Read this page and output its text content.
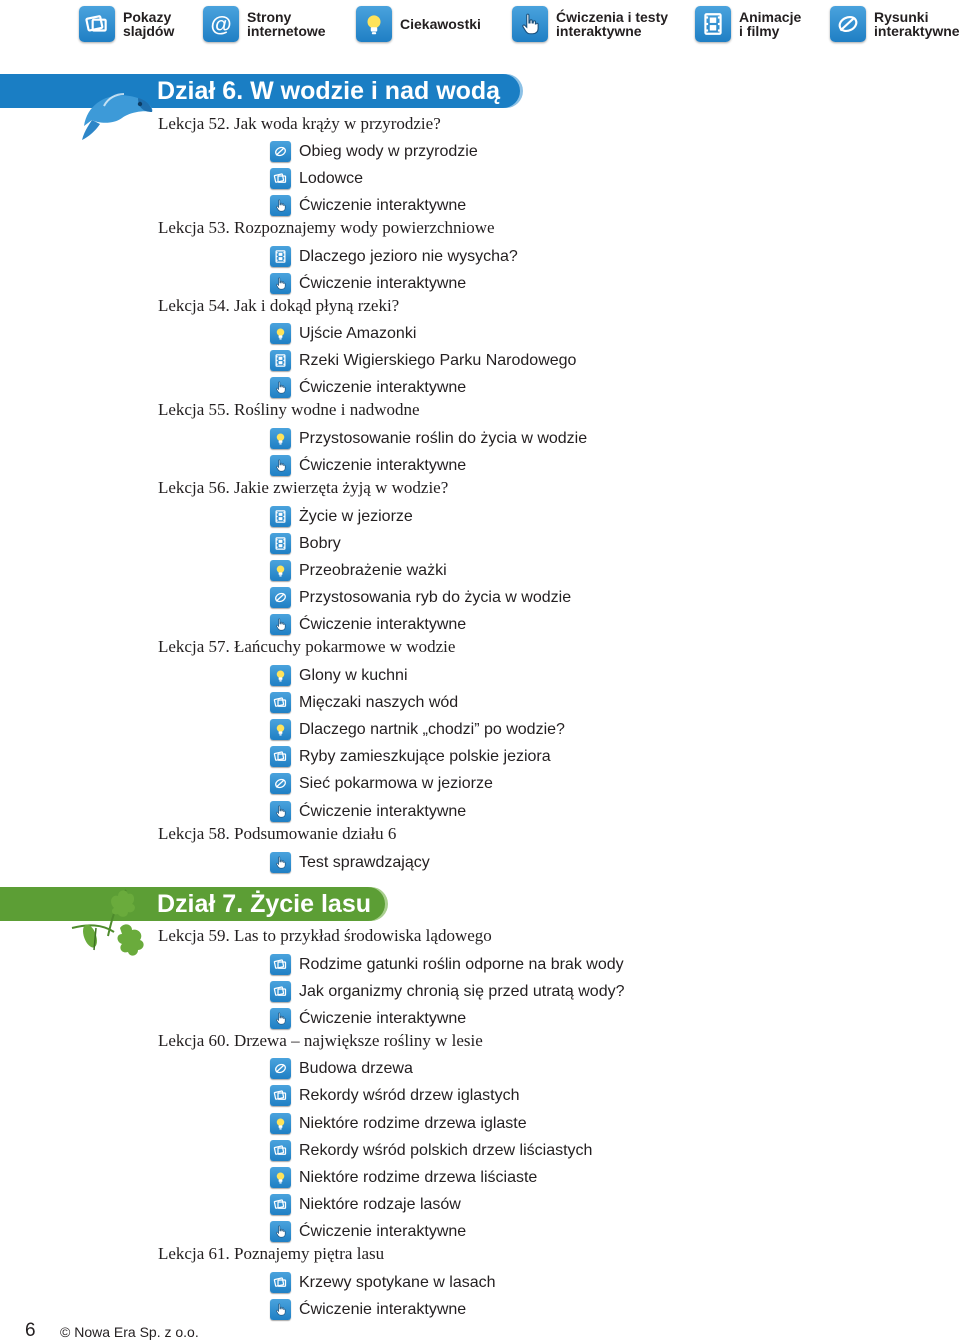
Pokazy
slajdów @ Strony
internetowe	Ciekawostki	Ćwiczenia i testy
interaktywne
Animacje
i filmy
Rysunki
interaktywne
Dział 6. W wodzie i nad wodą
Dział 7. Życie lasu
Lekcja 52. Jak woda krąży w przyrodzie?
Obieg wody w przyrodzie
Lodowce
Ćwiczenie interaktywne
Lekcja 53. Rozpoznajemy wody powierzchniowe
Dlaczego jezioro nie wysycha?
Ćwiczenie interaktywne
Lekcja 54. Jak i dokąd płyną rzeki?
Ujście Amazonki
Rzeki Wigierskiego Parku Narodowego
Ćwiczenie interaktywne
Lekcja 55. Rośliny wodne i nadwodne
Przystosowanie roślin do życia w wodzie
Ćwiczenie interaktywne
Lekcja 56. Jakie zwierzęta żyją w wodzie?
Życie w jeziorze
Bobry
Przeobrażenie ważki
Przystosowania ryb do życia w wodzie
Ćwiczenie interaktywne
Lekcja 57. Łańcuchy pokarmowe w wodzie
Glony w kuchni
Mięczaki naszych wód
Dlaczego nartnik „chodzi” po wodzie?
Ryby zamieszkujące polskie jeziora
Sieć pokarmowa w jeziorze
Ćwiczenie interaktywne
Lekcja 58. Podsumowanie działu 6
Test sprawdzający
Lekcja 59. Las to przykład środowiska lądowego
Rodzime gatunki roślin odporne na brak wody
Jak organizmy chronią się przed utratą wody?
Ćwiczenie interaktywne
Lekcja 60. Drzewa – największe rośliny w lesie
Budowa drzewa
Rekordy wśród drzew iglastych
Niektóre rodzime drzewa iglaste
Rekordy wśród polskich drzew liściastych
Niektóre rodzime drzewa liściaste
Niektóre rodzaje lasów
Ćwiczenie interaktywne
Lekcja 61. Poznajemy piętra lasu
Krzewy spotykane w lasach
Ćwiczenie interaktywne
6 © Nowa Era Sp. z o.o.
